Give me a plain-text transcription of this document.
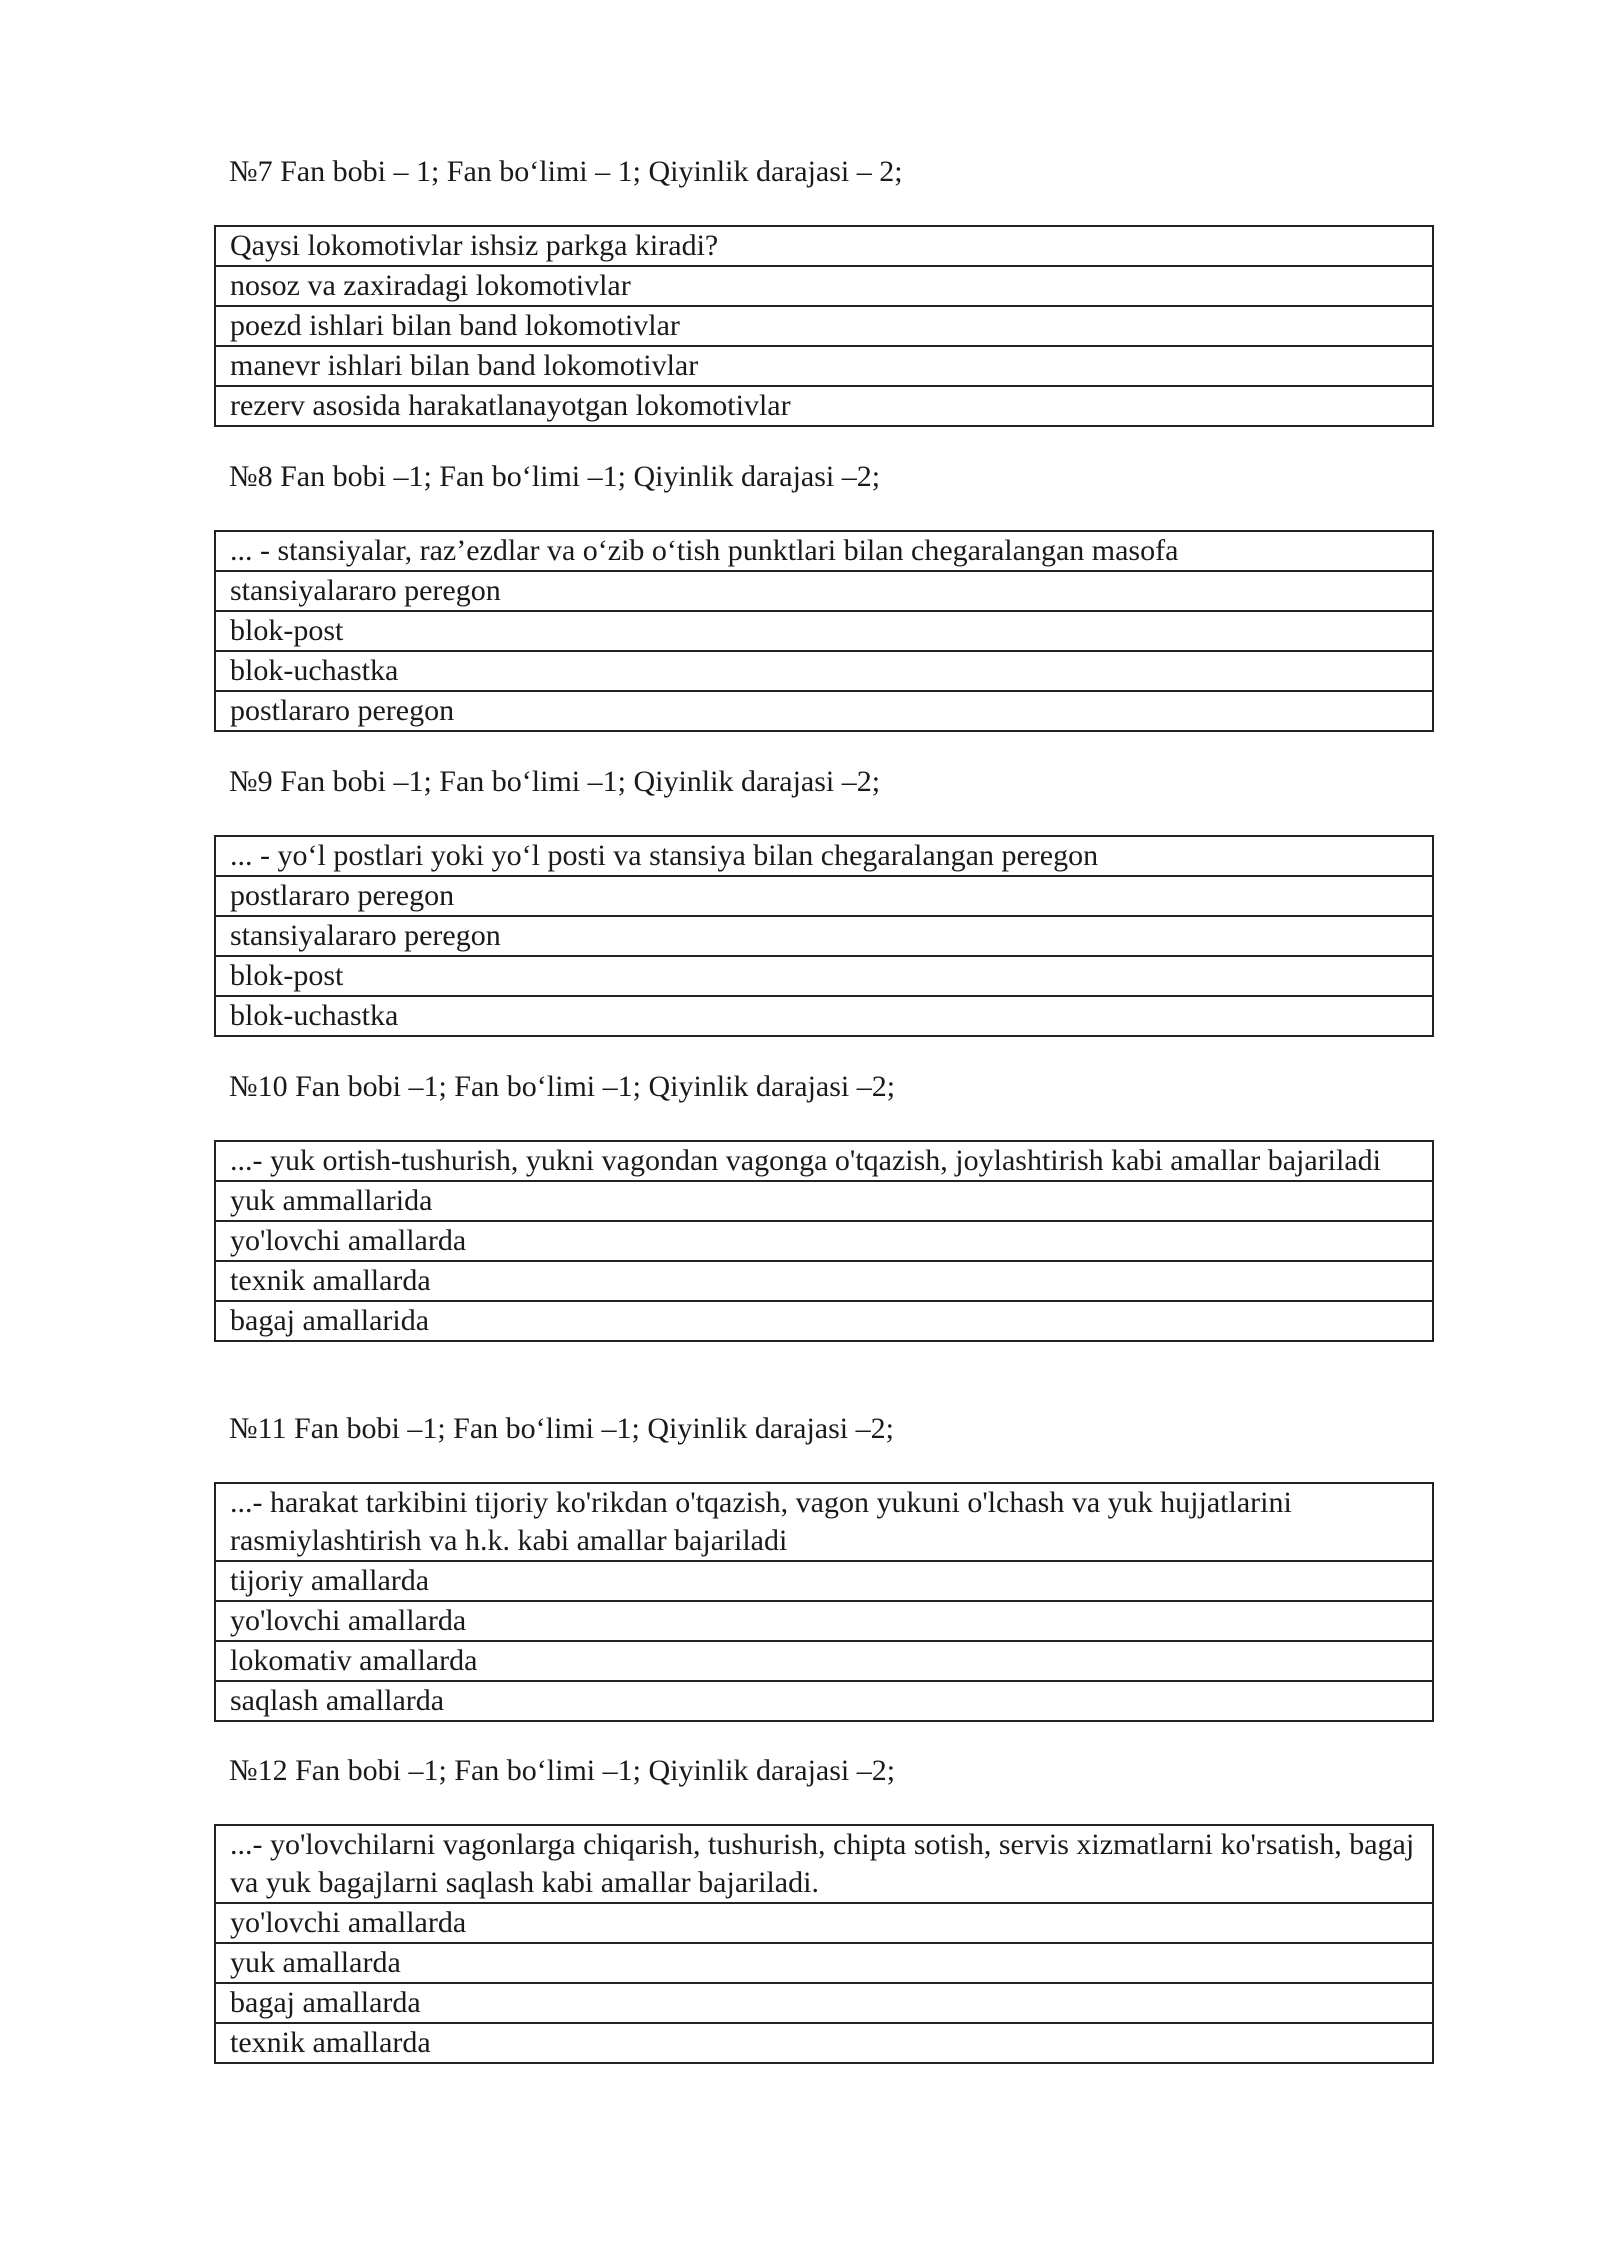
№7 Fan bobi – 1; Fan bo‘limi – 1; Qiyinlik darajasi – 2;
Qaysi lokomotivlar ishsiz parkga kiradi?
nosoz va zaxiradagi lokomotivlar
poezd ishlari bilan band lokomotivlar
manevr ishlari bilan band lokomotivlar
rezerv asosida harakatlanayotgan lokomotivlar
№8 Fan bobi –1; Fan bo‘limi –1; Qiyinlik darajasi –2;
... - stansiyalar, raz’ezdlar va o‘zib o‘tish punktlari bilan chegaralangan masofa
stansiyalararo peregon
blok-post
blok-uchastka
postlararo peregon
№9 Fan bobi –1; Fan bo‘limi –1; Qiyinlik darajasi –2;
... - yo‘l postlari yoki yo‘l posti va stansiya bilan chegaralangan peregon
postlararo peregon
stansiyalararo peregon
blok-post
blok-uchastka
№10 Fan bobi –1; Fan bo‘limi –1; Qiyinlik darajasi –2;
...- yuk ortish-tushurish, yukni vagondan vagonga o'tqazish, joylashtirish kabi amallar bajariladi
yuk ammallarida
yo'lovchi amallarda
texnik amallarda
bagaj amallarida
№11 Fan bobi –1; Fan bo‘limi –1; Qiyinlik darajasi –2;
...- harakat tarkibini tijoriy ko'rikdan o'tqazish, vagon yukuni o'lchash va yuk hujjatlarini rasmiylashtirish va h.k. kabi amallar bajariladi
tijoriy amallarda
yo'lovchi amallarda
lokomativ amallarda
saqlash amallarda
№12 Fan bobi –1; Fan bo‘limi –1; Qiyinlik darajasi –2;
...- yo'lovchilarni vagonlarga chiqarish, tushurish, chipta sotish, servis xizmatlarni ko'rsatish, bagaj va yuk bagajlarni saqlash kabi amallar bajariladi.
yo'lovchi amallarda
yuk amallarda
bagaj amallarda
texnik amallarda
